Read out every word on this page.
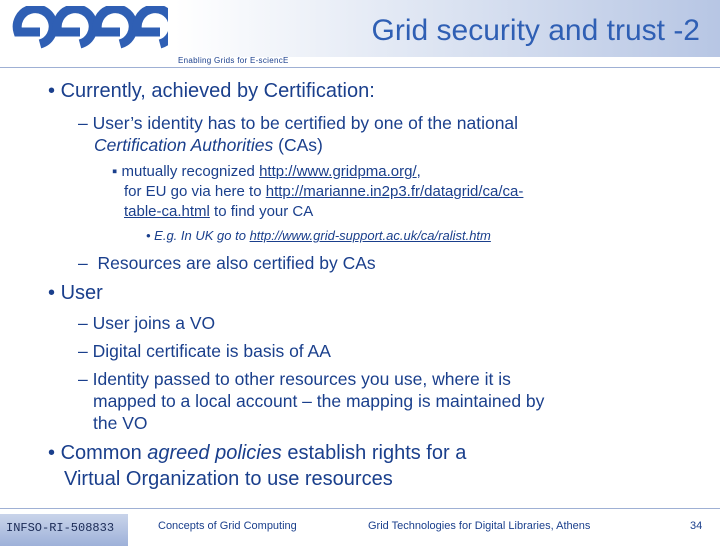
Grid security and trust -2
Enabling Grids for E-sciencE
• Currently, achieved by Certification:
– User’s identity has to be certified by one of the national
Certification Authorities (CAs)
▪ mutually recognized http://www.gridpma.org/,
for EU go via here to http://marianne.in2p3.fr/datagrid/ca/ca-
table-ca.html to find your CA
• E.g. In UK go to http://www.grid-support.ac.uk/ca/ralist.htm
–  Resources are also certified by CAs
• User
– User joins a VO
– Digital certificate is basis of AA
– Identity passed to other resources you use, where it is
mapped to a local account – the mapping is maintained by
the VO
• Common agreed policies establish rights for a
Virtual Organization to use resources
INFSO-RI-508833	Concepts of Grid Computing	Grid Technologies for Digital Libraries, Athens	34
